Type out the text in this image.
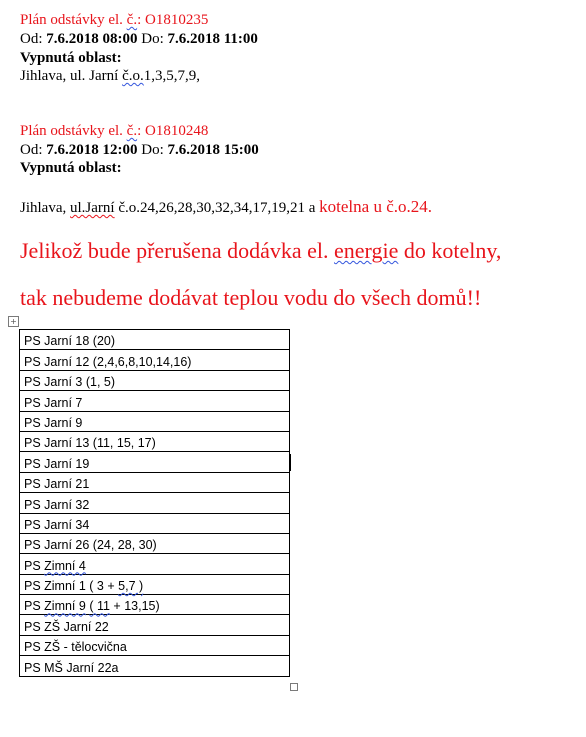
Plán odstávky el. č.: O1810235
Od: 7.6.2018 08:00 Do: 7.6.2018 11:00
Vypnutá oblast:
Jihlava, ul. Jarní č.o.1,3,5,7,9,
Plán odstávky el. č.: O1810248
Od: 7.6.2018 12:00 Do: 7.6.2018 15:00
Vypnutá oblast:
Jihlava, ul.Jarní č.o.24,26,28,30,32,34,17,19,21 a kotelna u č.o.24.
Jelikož bude přerušena dodávka el. energie do kotelny,
tak nebudeme dodávat teplou vodu do všech domů!!
+
PS Jarní 18 (20)
PS Jarní 12 (2,4,6,8,10,14,16)
PS Jarní 3 (1, 5)
PS Jarní 7
PS Jarní 9
PS Jarní 13 (11, 15, 17)
PS Jarní 19
PS Jarní 21
PS Jarní 32
PS Jarní 34
PS Jarní 26 (24, 28, 30)
PS Zimní 4
PS Zimní 1 ( 3 + 5,7 )
PS Zimní 9 ( 11 + 13,15)
PS ZŠ Jarní 22
PS ZŠ - tělocvična
PS MŠ Jarní 22a
